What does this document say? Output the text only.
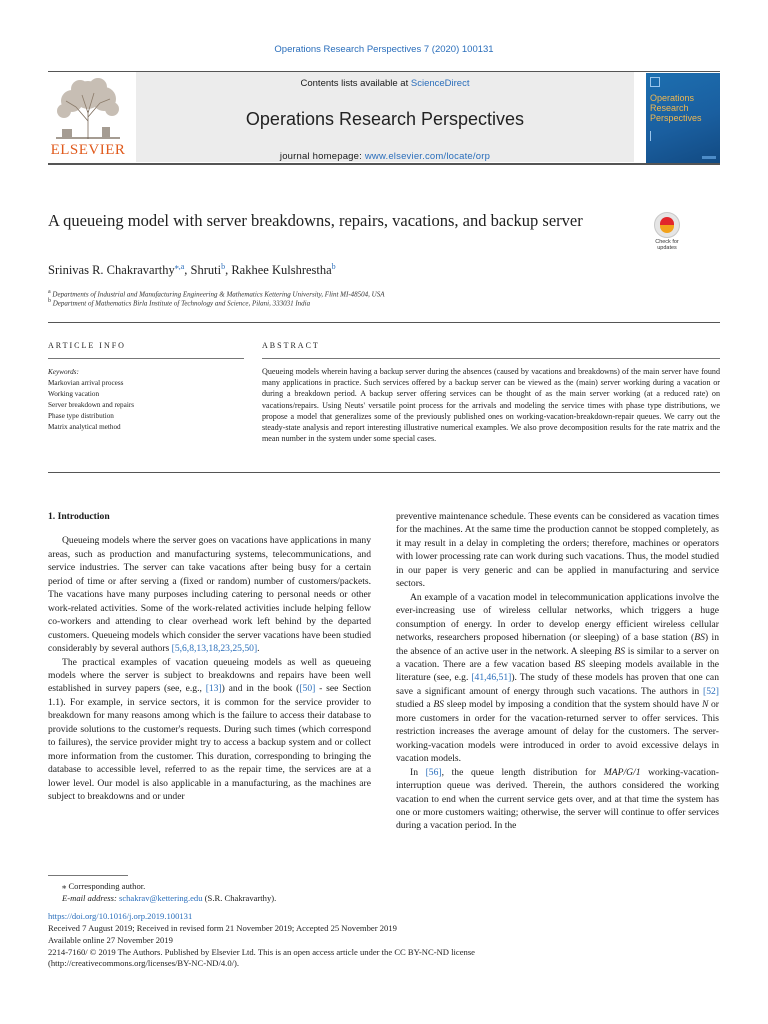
Operations Research Perspectives 7 (2020) 100131
ELSEVIER
Contents lists available at ScienceDirect
Operations Research Perspectives
journal homepage: www.elsevier.com/locate/orp
Operations Research Perspectives
A queueing model with server breakdowns, repairs, vacations, and backup server
Check for updates
Srinivas R. Chakravarthy$^{⁎,a}$, Shruti$^b$, Rakhee Kulshrestha$^b$
$^a$ Departments of Industrial and Manufacturing Engineering & Mathematics Kettering University, Flint MI-48504, USA
$^b$ Department of Mathematics Birla Institute of Technology and Science, Pilani, 333031 India
ARTICLE INFO	ABSTRACT
Keywords:
Markovian arrival process
Working vacation
Server breakdown and repairs
Phase type distribution
Matrix analytical method
Queueing models wherein having a backup server during the absences (caused by vacations and breakdowns) of the main server have found many applications in practice. Such services offered by a backup server can be viewed as the (main) server working during a vacation or during a breakdown period. A backup server offering services can be thought of as the main server working (at a reduced rate) on vacations/repairs. Using Neuts' versatile point process for the arrivals and modeling the service times with phase type distributions, we propose a model that generalizes some of the previously published ones on working-vacation-breakdown-repair queues. We carry out the steady-state analysis and report interesting illustrative numerical examples. We also prove decomposition results for the rate matrix and the mean number in the system under some special cases.
1. Introduction

Queueing models where the server goes on vacations have applications in many areas, such as production and manufacturing systems, telecommunications, and service industries. The server can take vacations after being busy for a certain period of time or after serving a (fixed or random) number of customers/packets. The vacations have many purposes including catering to personal needs or other work-related activities. Some of the work-related activities include helping fellow co-workers and attending to clear overhead work left behind by the departed customers. Queueing models which consider the server vacations have been studied considerably by several authors [5,6,8,13,18,23,25,50].

The practical examples of vacation queueing models as well as queueing models where the server is subject to breakdowns and repairs have been well established in survey papers (see, e.g., [13]) and in the book ([50] - see Section 1.1). For example, in service sectors, it is common for the service provider to breakdown for many reasons among which is the failure to access their database to provide solutions to the customer's requests. During such times (which correspond to failures), the service provider might try to access a backup system and or collect more information from the customer. This duration, corresponding to bringing the database to accessible level, referred to as the repair time, the services are at a lower level. Our model is also applicable in a manufacturing, as the machines are subject to breakdowns and or under

preventive maintenance schedule. These events can be considered as vacation times for the machines. At the same time the production cannot be stopped completely, as it may result in a delay in completing the orders; therefore, machines or operators with lower processing rate can work during such vacations. Thus, the model studied in our paper is very generic and can be applied in manufacturing and service sectors.

An example of a vacation model in telecommunication applications involve the ever-increasing use of wireless cellular networks, which triggers a huge consumption of energy. In order to develop energy efficient wireless cellular networks, researchers proposed hibernation (or sleeping) of a base station (BS) in the absence of an active user in the network. A sleeping BS is similar to a server on a vacation. There are a few vacation based BS sleeping models available in the literature (see, e.g. [41,46,51]). The study of these models has proven that one can save a significant amount of energy through such vacations. The authors in [52] studied a BS sleep model by imposing a condition that the system should have N or more customers in order for the vacation-returned server to offer services. This restriction increases the average amount of delay for the customers. The server-working-vacation models were introduced in order to avoid excessive delays in vacation models.

In [56], the queue length distribution for MAP/G/1 working-vacation-interruption queue was derived. Therein, the authors considered the working vacation to end when the current service gets over, and at that time the system has one or more customers waiting; otherwise, the server will continue to offer services during a vacation period. In the

⁎ Corresponding author.
E-mail address: schakrav@kettering.edu (S.R. Chakravarthy).
https://doi.org/10.1016/j.orp.2019.100131
Received 7 August 2019; Received in revised form 21 November 2019; Accepted 25 November 2019
Available online 27 November 2019
2214-7160/ © 2019 The Authors. Published by Elsevier Ltd. This is an open access article under the CC BY-NC-ND license
(http://creativecommons.org/licenses/BY-NC-ND/4.0/).
